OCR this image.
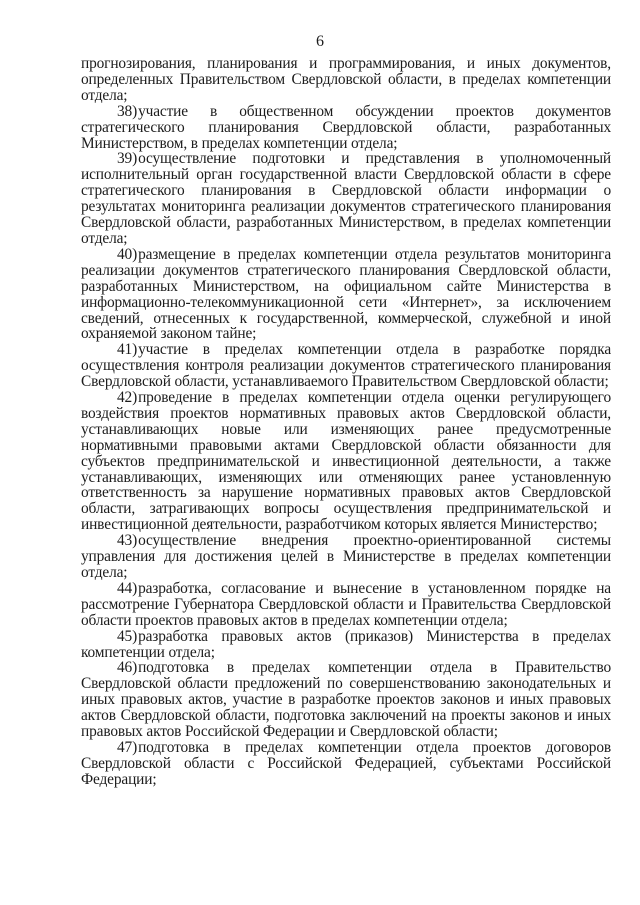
6

прогнозирования, планирования и программирования, и иных документов, определенных Правительством Свердловской области, в пределах компетенции отдела;

38)участие в общественном обсуждении проектов документов стратегического планирования Свердловской области, разработанных Министерством, в пределах компетенции отдела;

39)осуществление подготовки и представления в уполномоченный исполнительный орган государственной власти Свердловской области в сфере стратегического планирования в Свердловской области информации о результатах мониторинга реализации документов стратегического планирования Свердловской области, разработанных Министерством, в пределах компетенции отдела;

40)размещение в пределах компетенции отдела результатов мониторинга реализации документов стратегического планирования Свердловской области, разработанных Министерством, на официальном сайте Министерства в информационно-телекоммуникационной сети «Интернет», за исключением сведений, отнесенных к государственной, коммерческой, служебной и иной охраняемой законом тайне;

41)участие в пределах компетенции отдела в разработке порядка осуществления контроля реализации документов стратегического планирования Свердловской области, устанавливаемого Правительством Свердловской области;

42)проведение в пределах компетенции отдела оценки регулирующего воздействия проектов нормативных правовых актов Свердловской области, устанавливающих новые или изменяющих ранее предусмотренные нормативными правовыми актами Свердловской области обязанности для субъектов предпринимательской и инвестиционной деятельности, а также устанавливающих, изменяющих или отменяющих ранее установленную ответственность за нарушение нормативных правовых актов Свердловской области, затрагивающих вопросы осуществления предпринимательской и инвестиционной деятельности, разработчиком которых является Министерство;

43)осуществление внедрения проектно-ориентированной системы управления для достижения целей в Министерстве в пределах компетенции отдела;

44)разработка, согласование и вынесение в установленном порядке на рассмотрение Губернатора Свердловской области и Правительства Свердловской области проектов правовых актов в пределах компетенции отдела;

45)разработка правовых актов (приказов) Министерства в пределах компетенции отдела;

46)подготовка в пределах компетенции отдела в Правительство Свердловской области предложений по совершенствованию законодательных и иных правовых актов, участие в разработке проектов законов и иных правовых актов Свердловской области, подготовка заключений на проекты законов и иных правовых актов Российской Федерации и Свердловской области;

47)подготовка в пределах компетенции отдела проектов договоров Свердловской области с Российской Федерацией, субъектами Российской Федерации;
